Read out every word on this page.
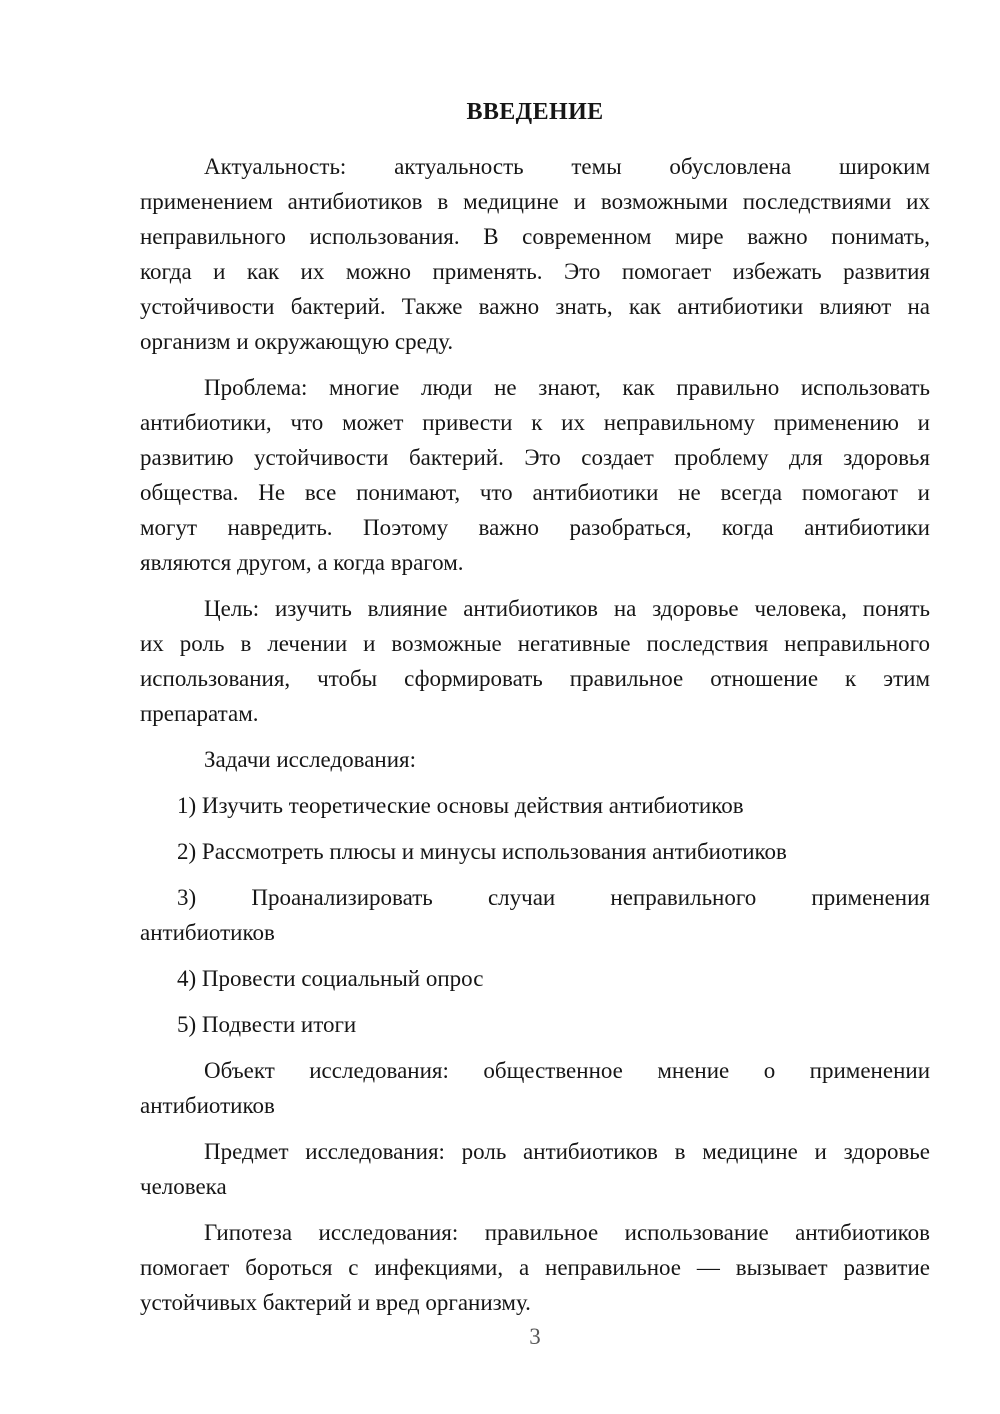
ВВЕДЕНИЕ

Актуальность: актуальность темы обусловлена широким
применением антибиотиков в медицине и возможными последствиями их
неправильного использования. В современном мире важно понимать,
когда и как их можно применять. Это помогает избежать развития
устойчивости бактерий. Также важно знать, как антибиотики влияют на
организм и окружающую среду.

Проблема: многие люди не знают, как правильно использовать
антибиотики, что может привести к их неправильному применению и
развитию устойчивости бактерий. Это создает проблему для здоровья
общества. Не все понимают, что антибиотики не всегда помогают и
могут навредить. Поэтому важно разобраться, когда антибиотики
являются другом, а когда врагом.

Цель: изучить влияние антибиотиков на здоровье человека, понять
их роль в лечении и возможные негативные последствия неправильного
использования, чтобы сформировать правильное отношение к этим
препаратам.

Задачи исследования:

1) Изучить теоретические основы действия антибиотиков

2) Рассмотреть плюсы и минусы использования антибиотиков

3) Проанализировать случаи неправильного применения
антибиотиков

4) Провести социальный опрос

5) Подвести итоги

Объект исследования: общественное мнение о применении
антибиотиков

Предмет исследования: роль антибиотиков в медицине и здоровье
человека

Гипотеза исследования: правильное использование антибиотиков
помогает бороться с инфекциями, а неправильное — вызывает развитие
устойчивых бактерий и вред организму.

3
